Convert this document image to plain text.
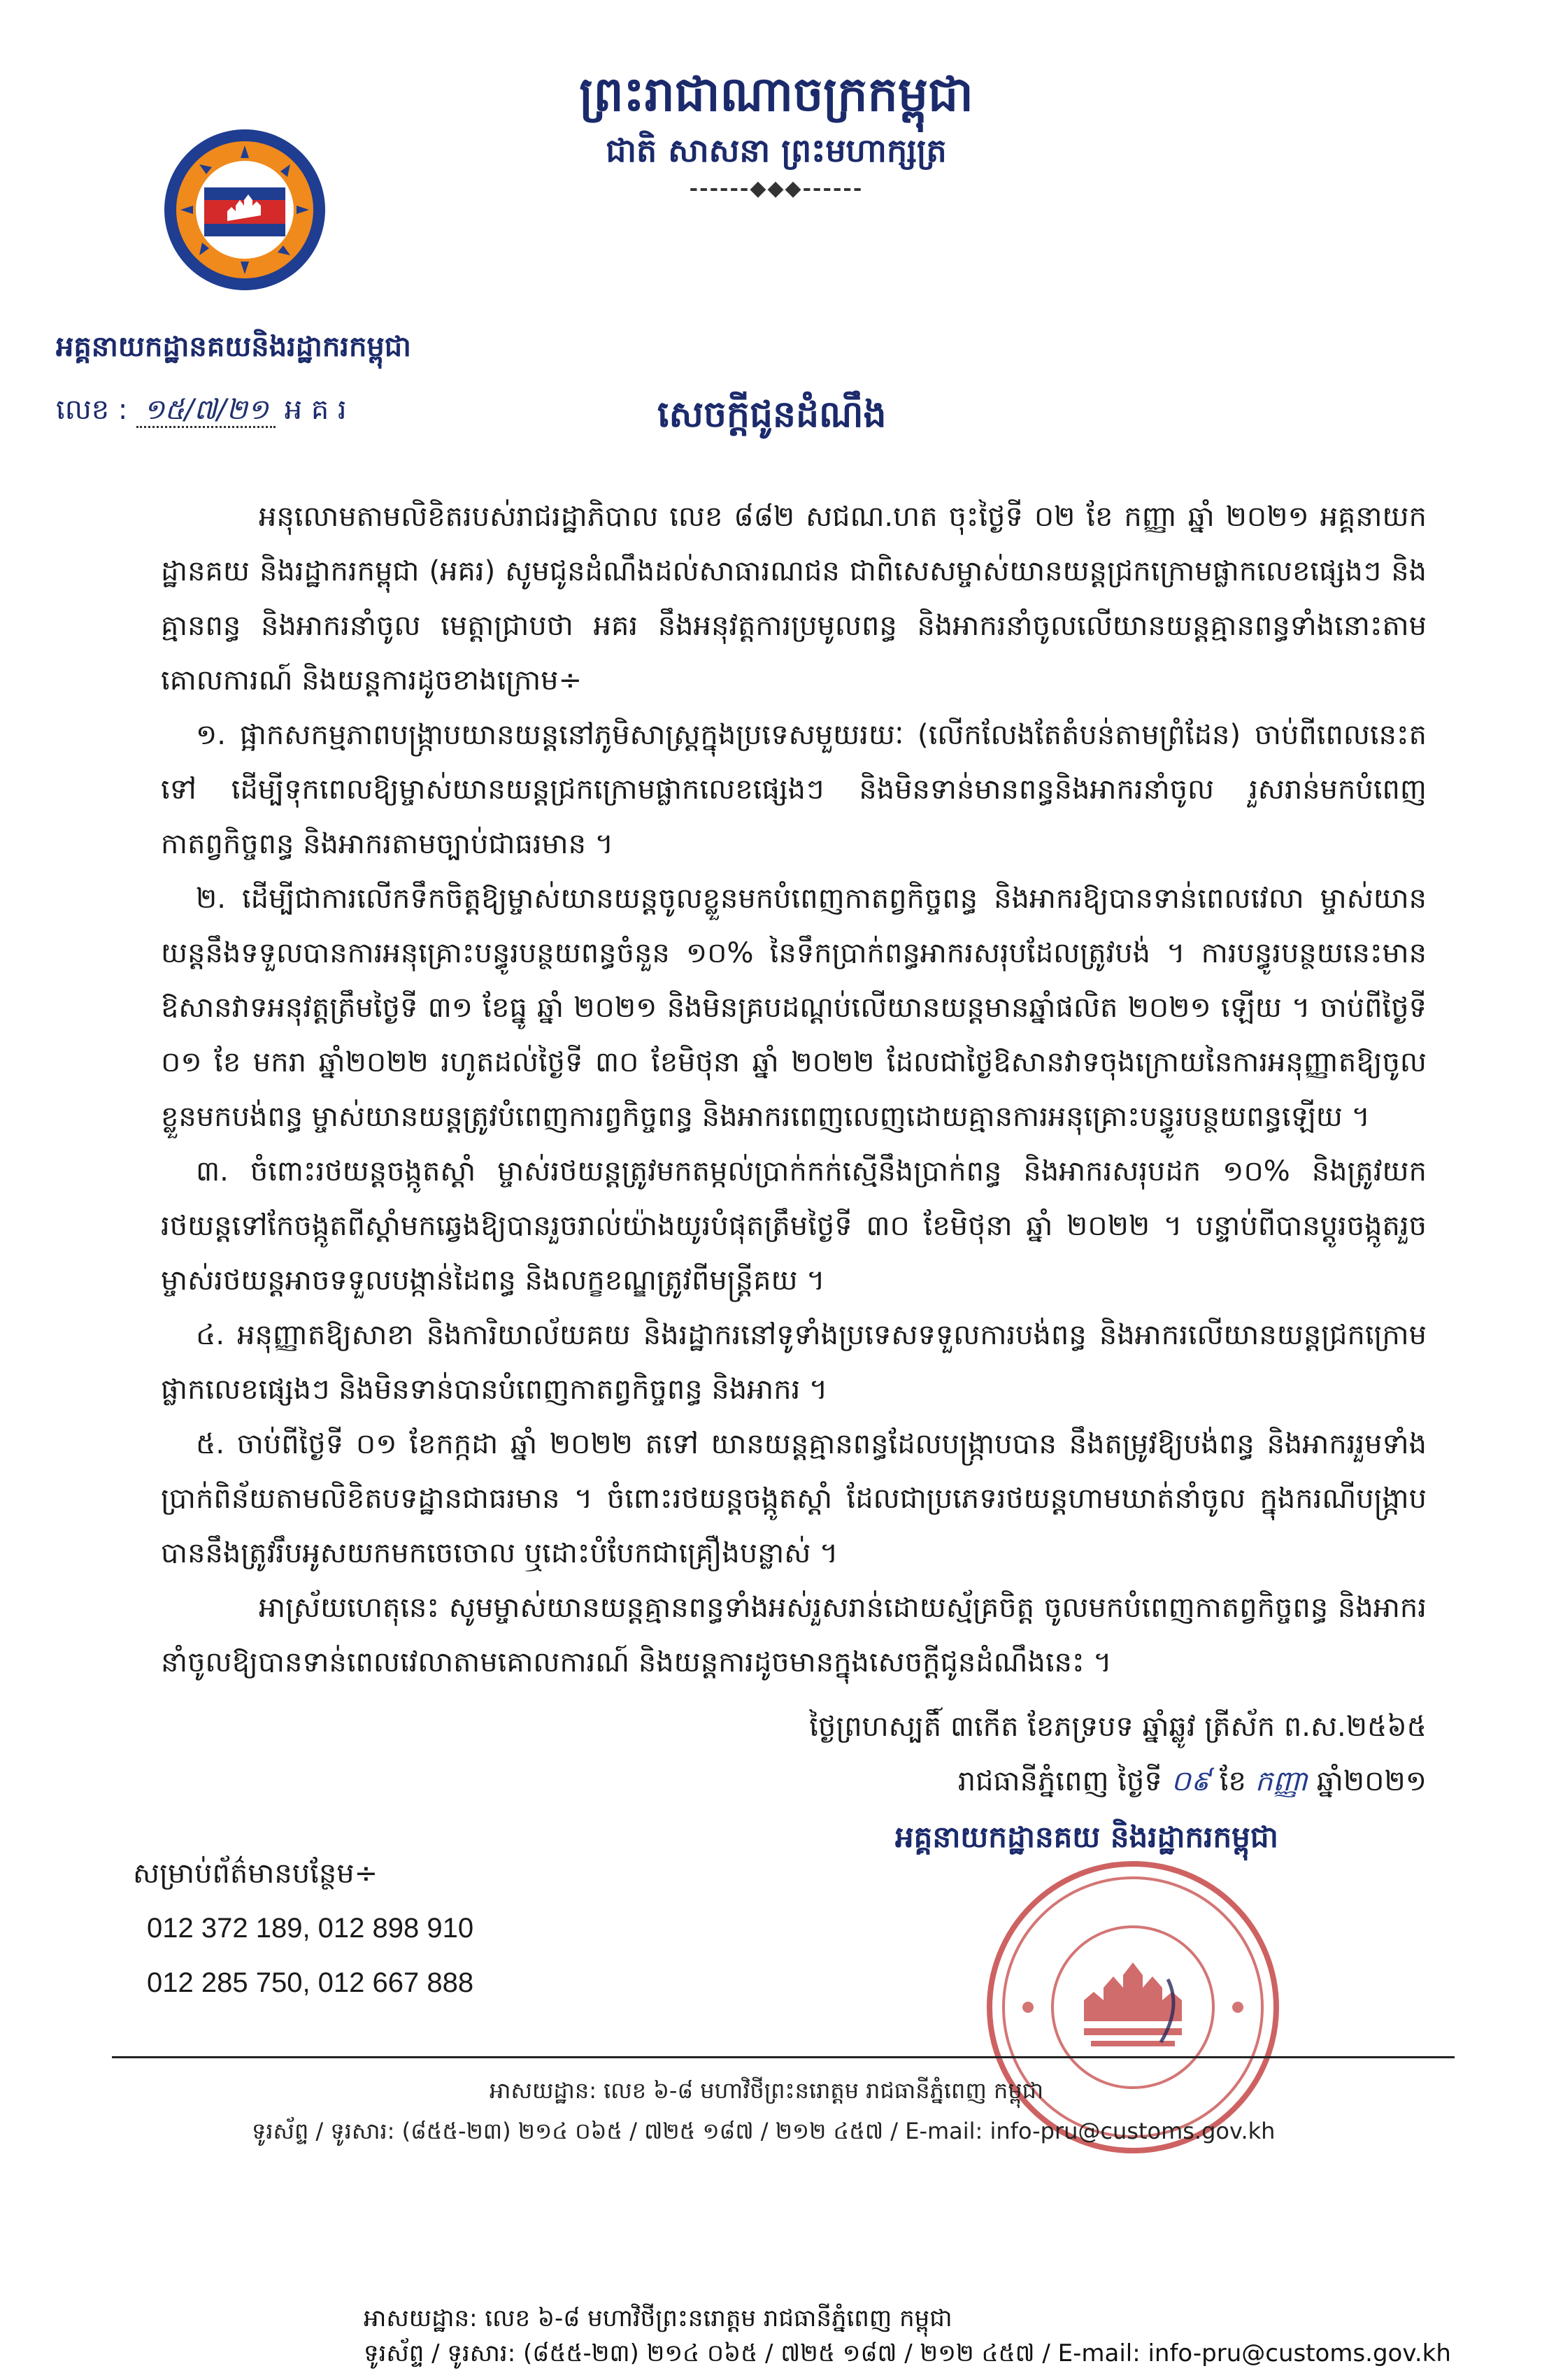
ព្រះរាជាណាចក្រកម្ពុជា
ជាតិ សាសនា ព្រះមហាក្សត្រ
------◆◆◆------
អគ្គនាយកដ្ឋានគយនិងរដ្ឋាករកម្ពុជា
លេខ : ១៥/៧/២១ អ គ រ	សេចក្តីជូនដំណឹង

អនុលោមតាមលិខិតរបស់រាជរដ្ឋាភិបាល លេខ ៨៨២ សជណ.ហត ចុះថ្ងៃទី ០២ ខែ កញ្ញា ឆ្នាំ ២០២១ អគ្គនាយកដ្ឋានគយ និងរដ្ឋាករកម្ពុជា (អគរ) សូមជូនដំណឹងដល់សាធារណជន ជាពិសេសម្ចាស់យានយន្តជ្រកក្រោមផ្លាកលេខផ្សេងៗ និងគ្មានពន្ធ និងអាករនាំចូល មេត្តាជ្រាបថា អគរ នឹងអនុវត្តការប្រមូលពន្ធ និងអាករនាំចូលលើយានយន្តគ្មានពន្ធទាំងនោះតាមគោលការណ៍ និងយន្តការដូចខាងក្រោម÷

១. ផ្អាកសកម្មភាពបង្ក្រាបយានយន្តនៅភូមិសាស្ត្រក្នុងប្រទេសមួយរយៈ (លើកលែងតែតំបន់តាមព្រំដែន) ចាប់ពីពេលនេះតទៅ ដើម្បីទុកពេលឱ្យម្ចាស់យានយន្តជ្រកក្រោមផ្លាកលេខផ្សេងៗ និងមិនទាន់មានពន្ធនិងអាករនាំចូល រួសរាន់មកបំពេញកាតព្វកិច្ចពន្ធ និងអាករតាមច្បាប់ជាធរមាន ។

២. ដើម្បីជាការលើកទឹកចិត្តឱ្យម្ចាស់យានយន្តចូលខ្លួនមកបំពេញកាតព្វកិច្ចពន្ធ និងអាករឱ្យបានទាន់ពេលវេលា ម្ចាស់យានយន្តនឹងទទួលបានការអនុគ្រោះបន្ធូរបន្ថយពន្ធចំនួន ១០% នៃទឹកប្រាក់ពន្ធអាករសរុបដែលត្រូវបង់ ។ ការបន្ធូរបន្ថយនេះមានឱសានវាទអនុវត្តត្រឹមថ្ងៃទី ៣១ ខែធ្នូ ឆ្នាំ ២០២១ និងមិនគ្របដណ្តប់លើយានយន្តមានឆ្នាំផលិត ២០២១ ឡើយ ។ ចាប់ពីថ្ងៃទី ០១ ខែ មករា ឆ្នាំ២០២២ រហូតដល់ថ្ងៃទី ៣០ ខែមិថុនា ឆ្នាំ ២០២២ ដែលជាថ្ងៃឱសានវាទចុងក្រោយនៃការអនុញ្ញាតឱ្យចូលខ្លួនមកបង់ពន្ធ ម្ចាស់យានយន្តត្រូវបំពេញការព្វកិច្ចពន្ធ និងអាករពេញលេញដោយគ្មានការអនុគ្រោះបន្ធូរបន្ថយពន្ធឡើយ ។

៣. ចំពោះរថយន្តចង្កូតស្តាំ ម្ចាស់រថយន្តត្រូវមកតម្កល់ប្រាក់កក់ស្មើនឹងប្រាក់ពន្ធ និងអាករសរុបដក ១០% និងត្រូវយករថយន្តទៅកែចង្កូតពីស្តាំមកឆ្វេងឱ្យបានរួចរាល់យ៉ាងយូរបំផុតត្រឹមថ្ងៃទី ៣០ ខែមិថុនា ឆ្នាំ ២០២២ ។ បន្ទាប់ពីបានប្តូរចង្កូតរួច ម្ចាស់រថយន្តអាចទទួលបង្កាន់ដៃពន្ធ និងលក្ខខណ្ឌត្រូវពីមន្ត្រីគយ ។

៤. អនុញ្ញាតឱ្យសាខា និងការិយាល័យគយ និងរដ្ឋាករនៅទូទាំងប្រទេសទទួលការបង់ពន្ធ និងអាករលើយានយន្តជ្រកក្រោមផ្លាកលេខផ្សេងៗ និងមិនទាន់បានបំពេញកាតព្វកិច្ចពន្ធ និងអាករ ។

៥. ចាប់ពីថ្ងៃទី ០១ ខែកក្កដា ឆ្នាំ ២០២២ តទៅ យានយន្តគ្មានពន្ធដែលបង្ក្រាបបាន នឹងតម្រូវឱ្យបង់ពន្ធ និងអាកររួមទាំងប្រាក់ពិន័យតាមលិខិតបទដ្ឋានជាធរមាន ។ ចំពោះរថយន្តចង្កូតស្តាំ ដែលជាប្រភេទរថយន្តហាមឃាត់នាំចូល ក្នុងករណីបង្ក្រាបបាននឹងត្រូវរឹបអូសយកមកចេចោល ឬដោះបំបែកជាគ្រឿងបន្លាស់ ។

អាស្រ័យហេតុនេះ សូមម្ចាស់យានយន្តគ្មានពន្ធទាំងអស់រួសរាន់ដោយស្ម័គ្រចិត្ត ចូលមកបំពេញកាតព្វកិច្ចពន្ធ និងអាករនាំចូលឱ្យបានទាន់ពេលវេលាតាមគោលការណ៍ និងយន្តការដូចមានក្នុងសេចក្តីជូនដំណឹងនេះ ។

ថ្ងៃព្រហស្បតិ៍ ៣កើត ខែភទ្របទ ឆ្នាំឆ្លូវ ត្រីស័ក ព.ស.២៥៦៥
រាជធានីភ្នំពេញ ថ្ងៃទី ០៩ ខែ កញ្ញា ឆ្នាំ២០២១
អគ្គនាយកដ្ឋានគយ និងរដ្ឋាករកម្ពុជា
សម្រាប់ព័ត៌មានបន្ថែម÷
012 372 189, 012 898 910
012 285 750, 012 667 888
អាសយដ្ឋាន: លេខ ៦-៨ មហាវិថីព្រះនរោត្តម រាជធានីភ្នំពេញ កម្ពុជា
ទូរស័ព្ទ / ទូរសារ: (៨៥៥-២៣) ២១៤ ០៦៥ / ៧២៥ ១៨៧ / ២១២ ៤៥៧ / E-mail: info-pru@customs.gov.kh
អាសយដ្ឋាន: លេខ ៦-៨ មហាវិថីព្រះនរោត្តម រាជធានីភ្នំពេញ កម្ពុជា
ទូរស័ព្ទ / ទូរសារ: (៨៥៥-២៣) ២១៤ ០៦៥ / ៧២៥ ១៨៧ / ២១២ ៤៥៧ / E-mail: info-pru@customs.gov.kh
